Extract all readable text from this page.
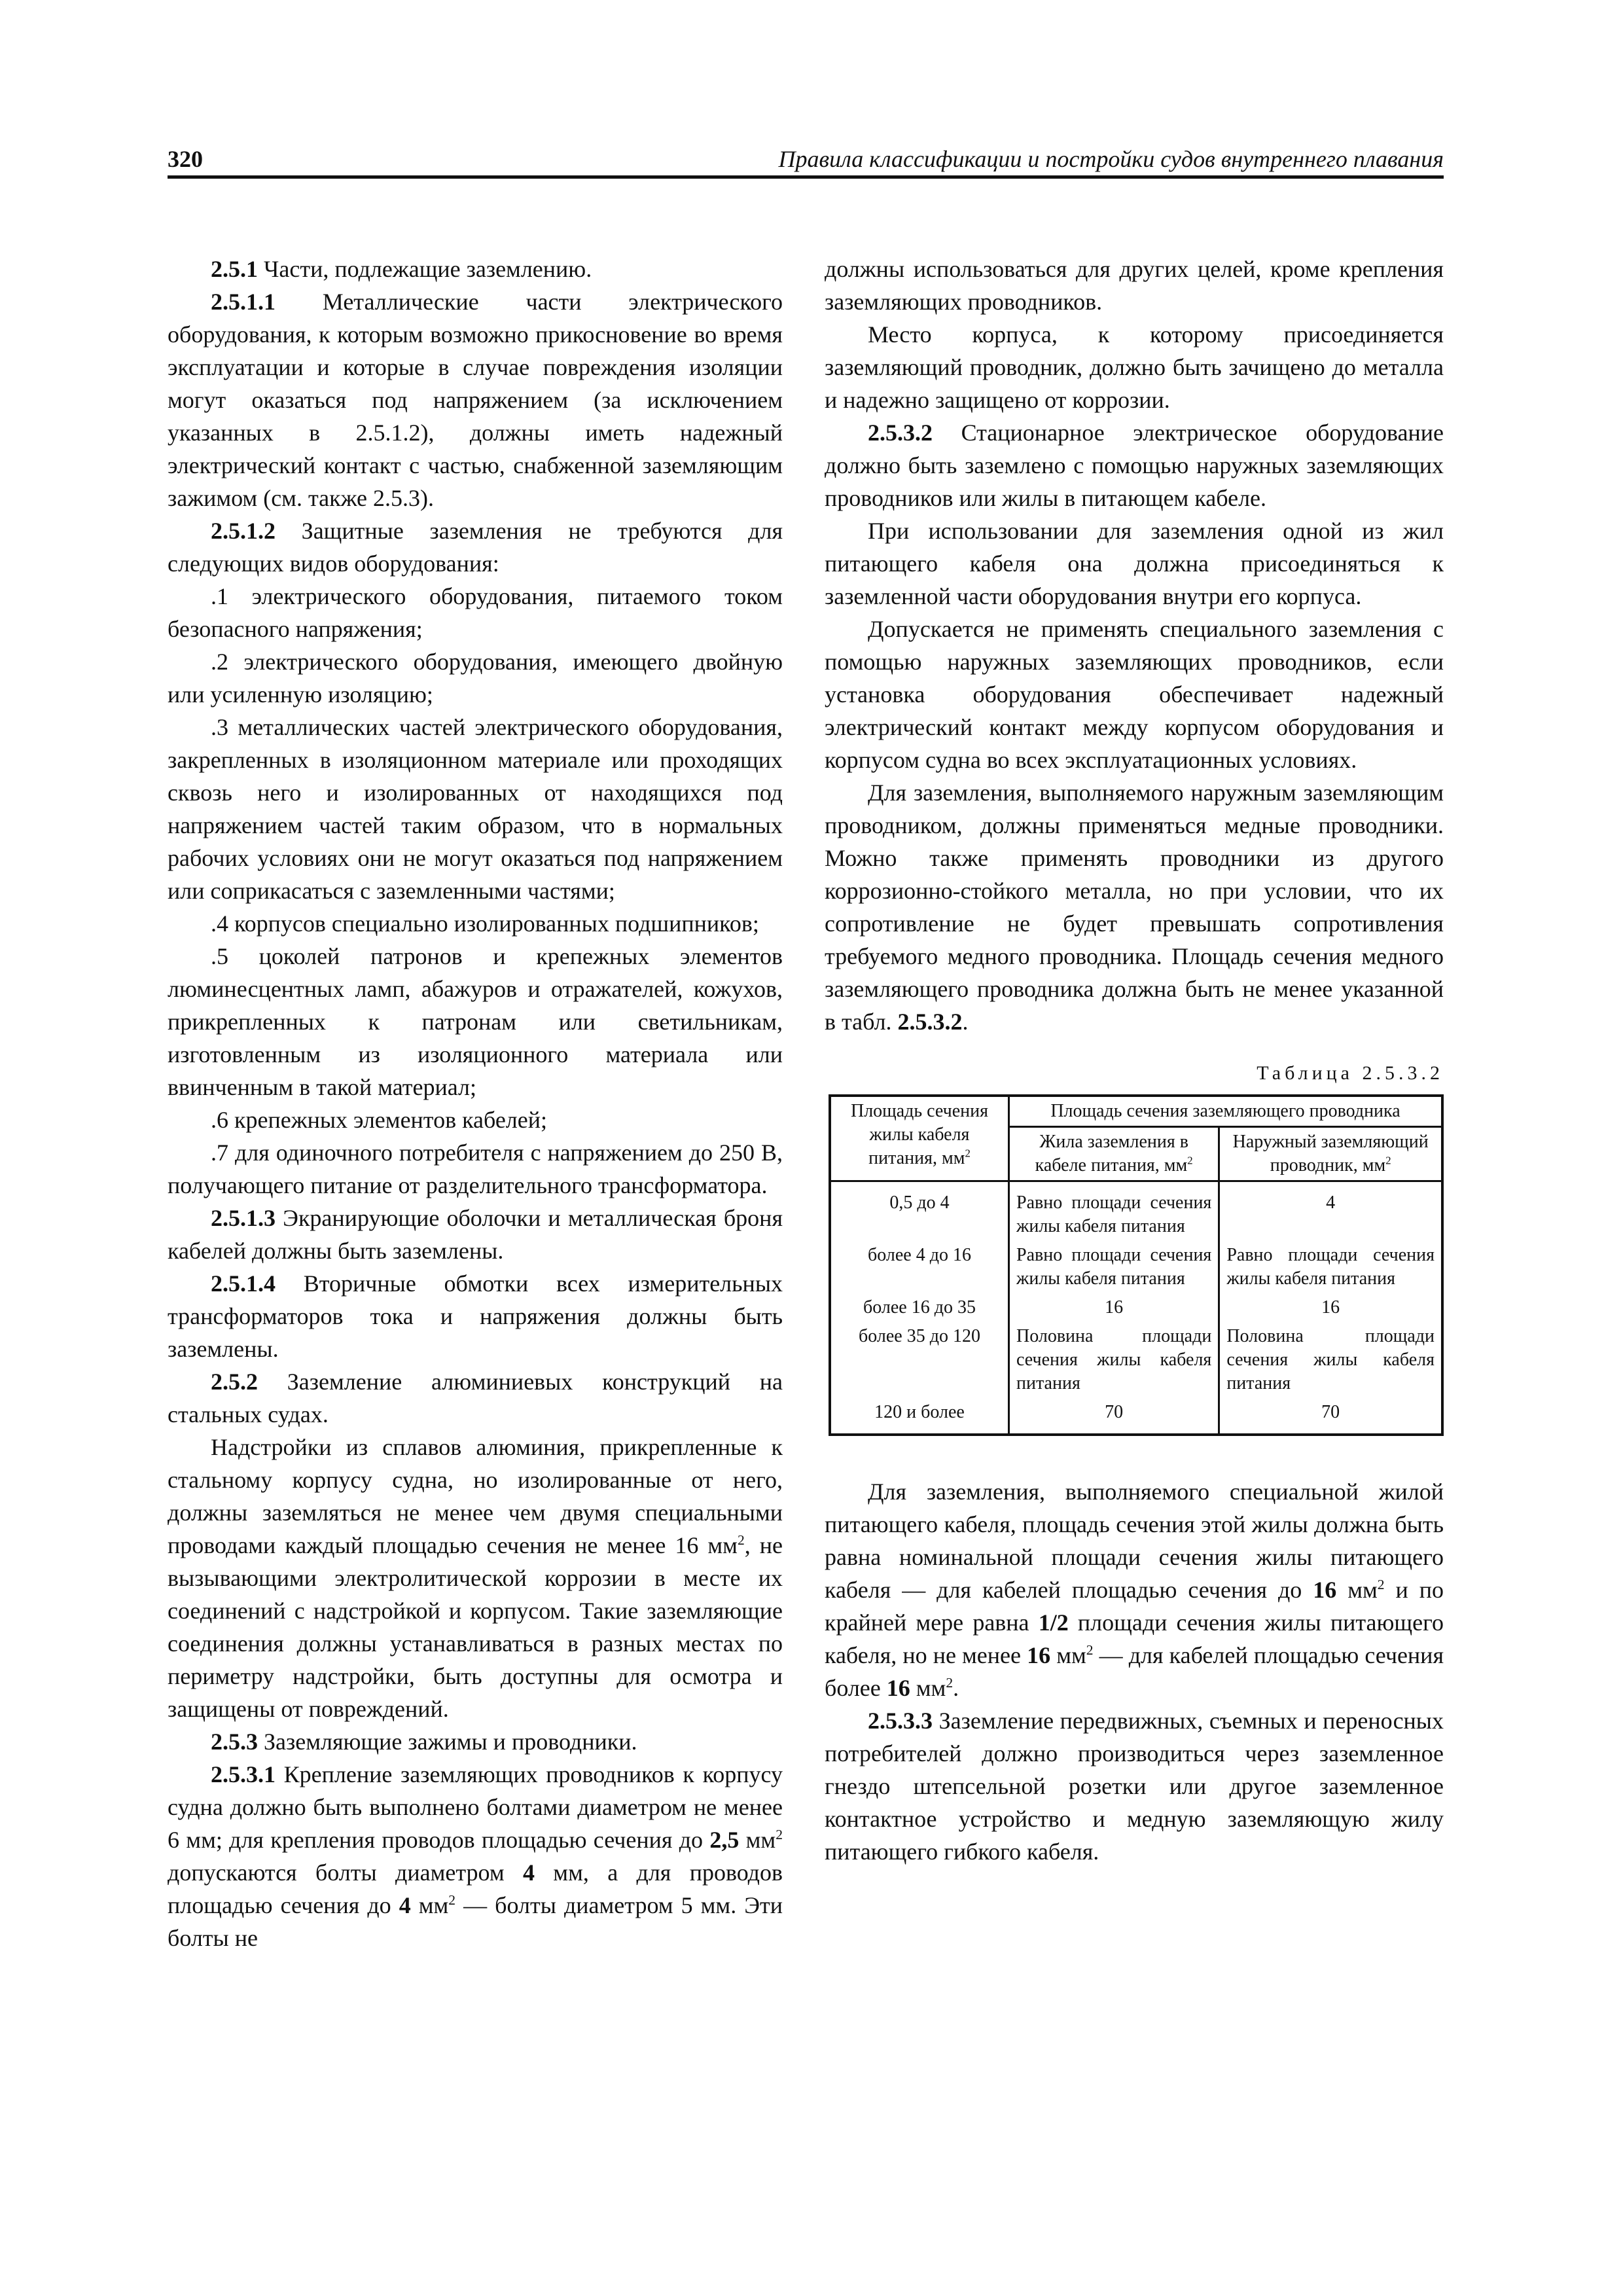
320	Правила классификации и постройки судов внутреннего плавания

2.5.1 Части, подлежащие заземлению.

2.5.1.1 Металлические части электрического оборудования, к которым возможно прикосновение во время эксплуатации и которые в случае повреждения изоляции могут оказаться под напряжением (за исключением указанных в 2.5.1.2), должны иметь надежный электрический контакт с частью, снабженной заземляющим зажимом (см. также 2.5.3).

2.5.1.2 Защитные заземления не требуются для следующих видов оборудования:

.1 электрического оборудования, питаемого током безопасного напряжения;

.2 электрического оборудования, имеющего двойную или усиленную изоляцию;

.3 металлических частей электрического оборудования, закрепленных в изоляционном материале или проходящих сквозь него и изолированных от находящихся под напряжением частей таким образом, что в нормальных рабочих условиях они не могут оказаться под напряжением или соприкасаться с заземленными частями;

.4 корпусов специально изолированных подшипников;

.5 цоколей патронов и крепежных элементов люминесцентных ламп, абажуров и отражателей, кожухов, прикрепленных к патронам или светильникам, изготовленным из изоляционного материала или ввинченным в такой материал;

.6 крепежных элементов кабелей;

.7 для одиночного потребителя с напряжением до 250 В, получающего питание от разделительного трансформатора.

2.5.1.3 Экранирующие оболочки и металлическая броня кабелей должны быть заземлены.

2.5.1.4 Вторичные обмотки всех измерительных трансформаторов тока и напряжения должны быть заземлены.

2.5.2 Заземление алюминиевых конструкций на стальных судах.

Надстройки из сплавов алюминия, прикрепленные к стальному корпусу судна, но изолированные от него, должны заземляться не менее чем двумя специальными проводами каждый площадью сечения не менее 16 $мм^2$, не вызывающими электролитической коррозии в месте их соединений с надстройкой и корпусом. Такие заземляющие соединения должны устанавливаться в разных местах по периметру надстройки, быть доступны для осмотра и защищены от повреждений.

2.5.3 Заземляющие зажимы и проводники.

2.5.3.1 Крепление заземляющих проводников к корпусу судна должно быть выполнено болтами диаметром не менее 6 мм; для крепления проводов площадью сечения до 2,5 $мм^2$ допускаются болты диаметром 4 мм, а для проводов площадью сечения до 4 $мм^2$ — болты диаметром 5 мм. Эти болты не

должны использоваться для других целей, кроме крепления заземляющих проводников.

Место корпуса, к которому присоединяется заземляющий проводник, должно быть зачищено до металла и надежно защищено от коррозии.

2.5.3.2 Стационарное электрическое оборудование должно быть заземлено с помощью наружных заземляющих проводников или жилы в питающем кабеле.

При использовании для заземления одной из жил питающего кабеля она должна присоединяться к заземленной части оборудования внутри его корпуса.

Допускается не применять специального заземления с помощью наружных заземляющих проводников, если установка оборудования обеспечивает надежный электрический контакт между корпусом оборудования и корпусом судна во всех эксплуатационных условиях.

Для заземления, выполняемого наружным заземляющим проводником, должны применяться медные проводники. Можно также применять проводники из другого коррозионно-стойкого металла, но при условии, что их сопротивление не будет превышать сопротивления требуемого медного проводника. Площадь сечения медного заземляющего проводника должна быть не менее указанной в табл. 2.5.3.2.

Таблица 2.5.3.2
Площадь сечения жилы кабеля питания, $мм^2$	Площадь сечения заземляющего проводника	
	Жила заземления в кабеле питания, $мм^2$	Наружный заземляющий проводник, $мм^2$
0,5 до 4	Равно площади сечения жилы кабеля питания	4
более 4 до 16	Равно площади сечения жилы кабеля питания	Равно площади сечения жилы кабеля питания
более 16 до 35	16	16
более 35 до 120	Половина площади сечения жилы кабеля питания	Половина площади сечения жилы кабеля питания
120 и более	70	70

Для заземления, выполняемого специальной жилой питающего кабеля, площадь сечения этой жилы должна быть равна номинальной площади сечения жилы питающего кабеля — для кабелей площадью сечения до 16 $мм^2$ и по крайней мере равна 1/2 площади сечения жилы питающего кабеля, но не менее 16 $мм^2$ — для кабелей площадью сечения более 16 $мм^2$.

2.5.3.3 Заземление передвижных, съемных и переносных потребителей должно производиться через заземленное гнездо штепсельной розетки или другое заземленное контактное устройство и медную заземляющую жилу питающего гибкого кабеля.
